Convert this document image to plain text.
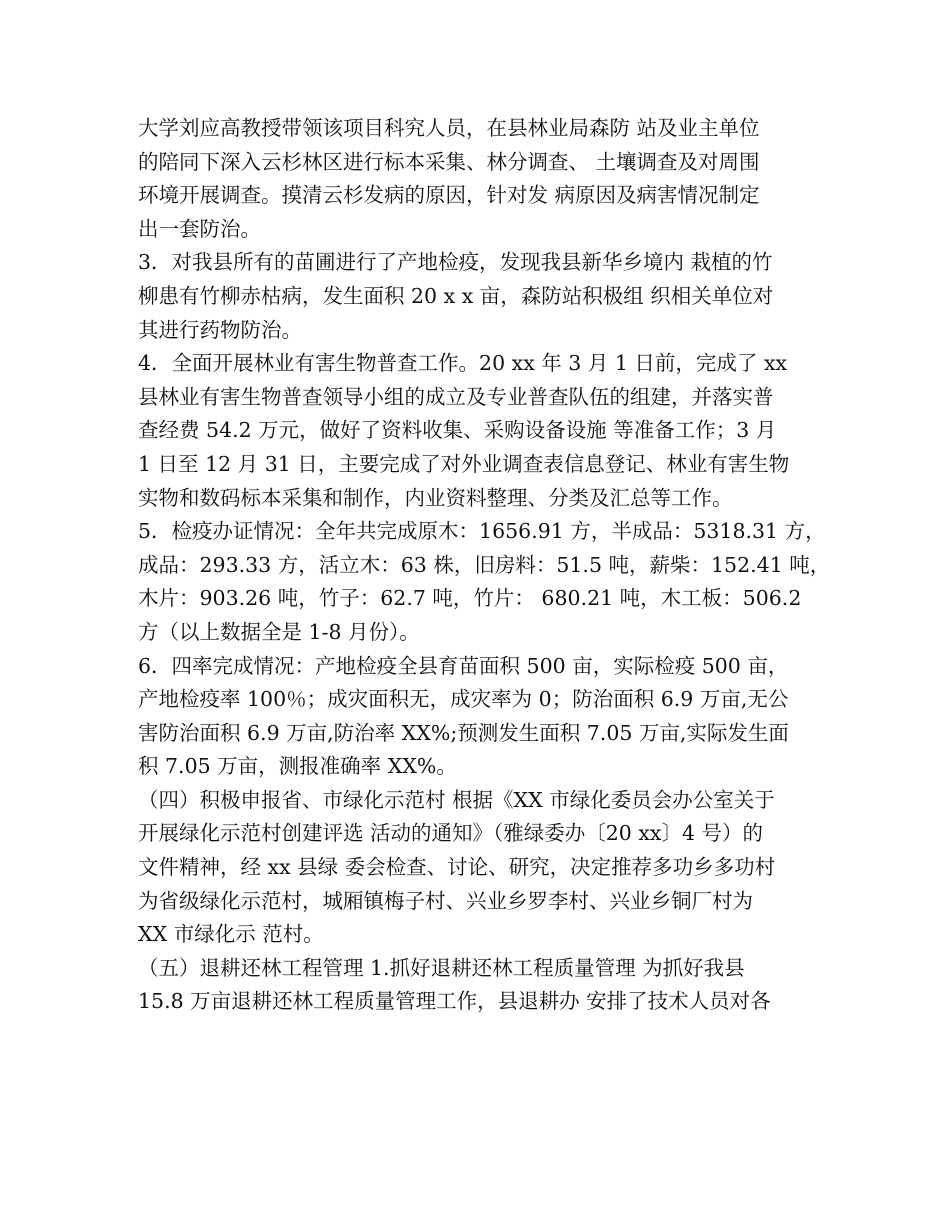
大学刘应高教授带领该项目科究人员，在县林业局森防 站及业主单位
的陪同下深入云杉林区进行标本采集、林分调查、 土壤调查及对周围
环境开展调查。摸清云杉发病的原因，针对发 病原因及病害情况制定
出一套防治。
3．对我县所有的苗圃进行了产地检疫，发现我县新华乡境内 栽植的竹
柳患有竹柳赤枯病，发生面积 20 x x 亩，森防站积极组 织相关单位对
其进行药物防治。
4．全面开展林业有害生物普查工作。20 xx 年 3 月 1 日前，完成了 xx
县林业有害生物普查领导小组的成立及专业普查队伍的组建，并落实普
查经费 54.2 万元，做好了资料收集、采购设备设施 等准备工作；3 月
1 日至 12 月 31 日，主要完成了对外业调查表信息登记、林业有害生物
实物和数码标本采集和制作，内业资料整理、分类及汇总等工作。
5．检疫办证情况：全年共完成原木：1656.91 方，半成品：5318.31 方，
成品：293.33 方，活立木：63 株，旧房料：51.5 吨，薪柴：152.41 吨，
木片：903.26 吨，竹子：62.7 吨，竹片： 680.21 吨，木工板：506.2
方（以上数据全是 1-8 月份）。
6．四率完成情况：产地检疫全县育苗面积 500 亩，实际检疫 500 亩，
产地检疫率 100％；成灾面积无，成灾率为 0；防治面积 6.9 万亩,无公
害防治面积 6.9 万亩,防治率 XX%;预测发生面积 7.05 万亩,实际发生面
积 7.05 万亩，测报准确率 XX%。
（四）积极申报省、市绿化示范村 根据《XX 市绿化委员会办公室关于
开展绿化示范村创建评选 活动的通知》（雅绿委办〔20 xx〕4 号）的
文件精神，经 xx 县绿 委会检查、讨论、研究，决定推荐多功乡多功村
为省级绿化示范村，城厢镇梅子村、兴业乡罗李村、兴业乡铜厂村为
XX 市绿化示 范村。
（五）退耕还林工程管理 1.抓好退耕还林工程质量管理 为抓好我县
15.8 万亩退耕还林工程质量管理工作，县退耕办 安排了技术人员对各
